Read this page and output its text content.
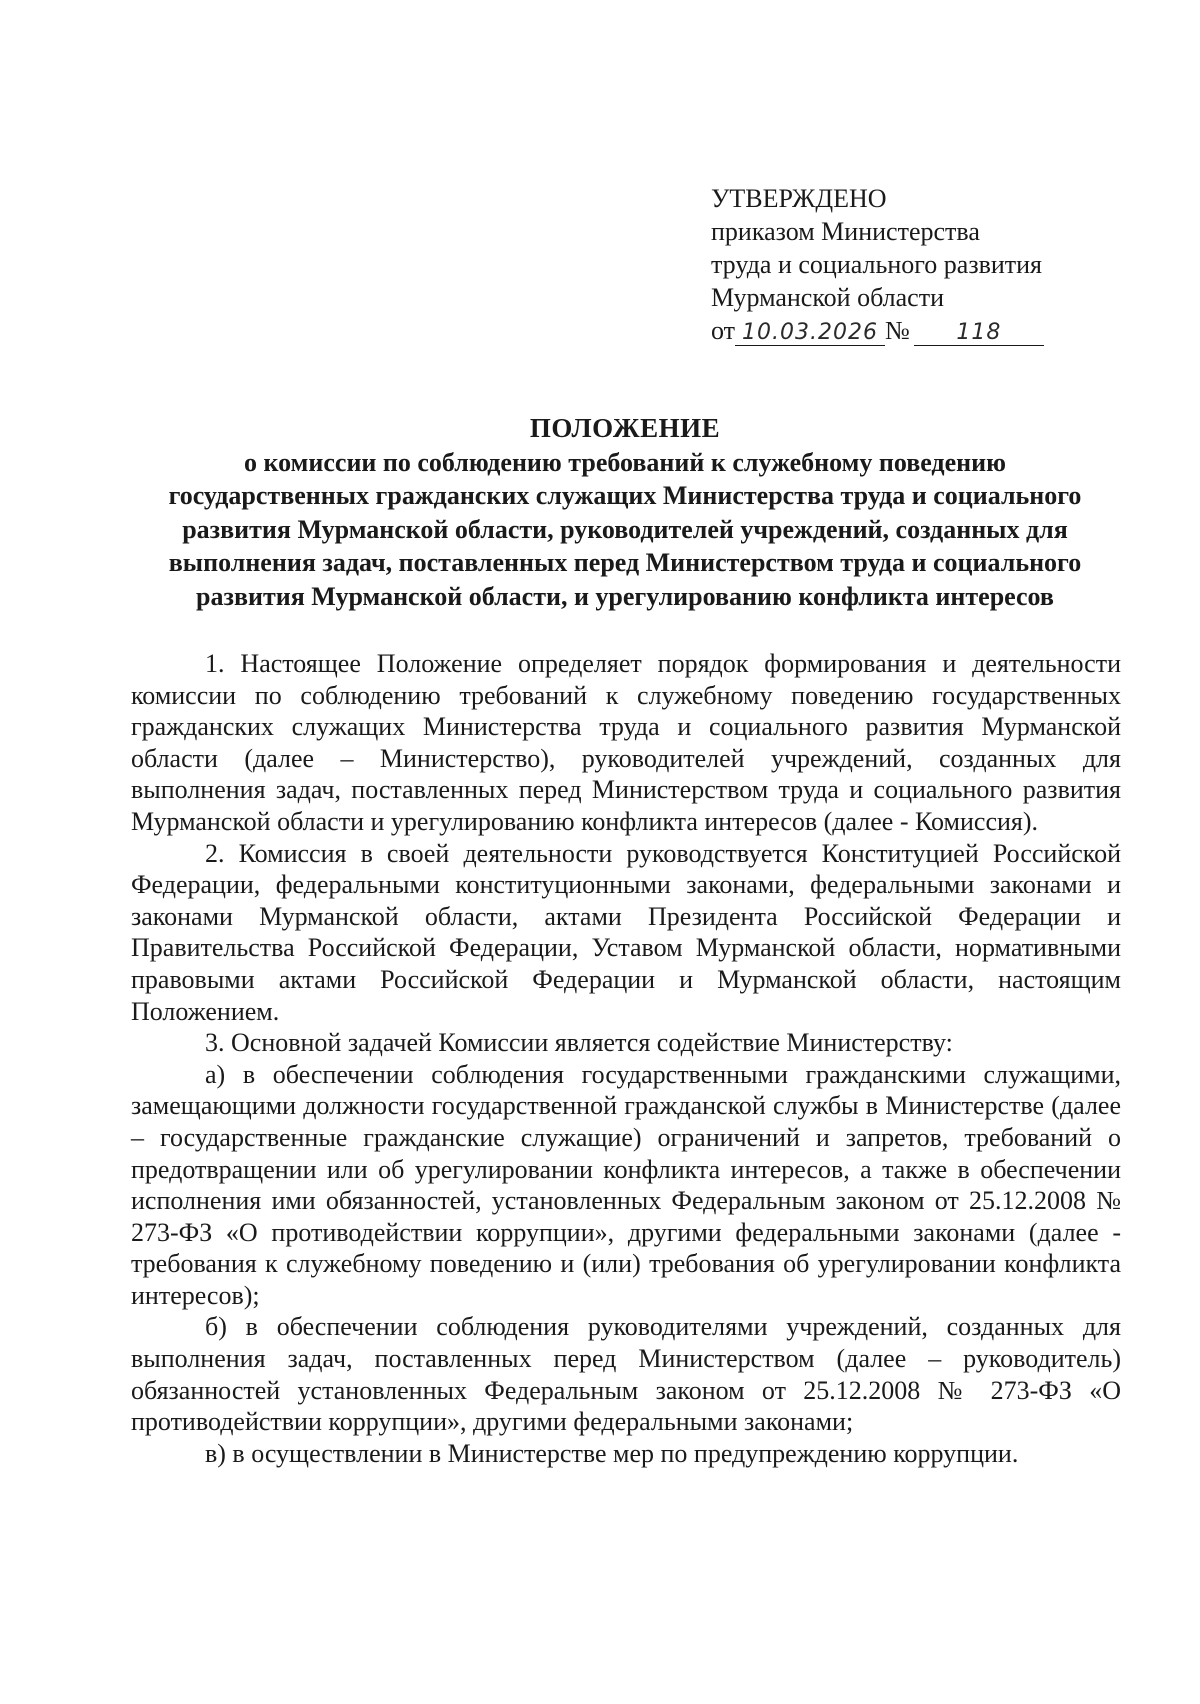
УТВЕРЖДЕНО
приказом Министерства
труда и социального развития
Мурманской области
от 10.03.2026 № 118
ПОЛОЖЕНИЕ
о комиссии по соблюдению требований к служебному поведению
государственных гражданских служащих Министерства труда и социального
развития Мурманской области, руководителей учреждений, созданных для
выполнения задач, поставленных перед Министерством труда и социального
развития Мурманской области, и урегулированию конфликта интересов

1. Настоящее Положение определяет порядок формирования и деятельности комиссии по соблюдению требований к служебному поведению государственных гражданских служащих Министерства труда и социального развития Мурманской области (далее – Министерство), руководителей учреждений, созданных для выполнения задач, поставленных перед Министерством труда и социального развития Мурманской области и урегулированию конфликта интересов (далее - Комиссия).

2. Комиссия в своей деятельности руководствуется Конституцией Российской Федерации, федеральными конституционными законами, федеральными законами и законами Мурманской области, актами Президента Российской Федерации и Правительства Российской Федерации, Уставом Мурманской области, нормативными правовыми актами Российской Федерации и Мурманской области, настоящим Положением.

3. Основной задачей Комиссии является содействие Министерству:

а) в обеспечении соблюдения государственными гражданскими служащими, замещающими должности государственной гражданской службы в Министерстве (далее – государственные гражданские служащие) ограничений и запретов, требований о предотвращении или об урегулировании конфликта интересов, а также в обеспечении исполнения ими обязанностей, установленных Федеральным законом от 25.12.2008 № 273-ФЗ «О противодействии коррупции», другими федеральными законами (далее - требования к служебному поведению и (или) требования об урегулировании конфликта интересов);

б) в обеспечении соблюдения руководителями учреждений, созданных для выполнения задач, поставленных перед Министерством (далее – руководитель) обязанностей установленных Федеральным законом от 25.12.2008 № 273-ФЗ «О противодействии коррупции», другими федеральными законами;

в) в осуществлении в Министерстве мер по предупреждению коррупции.
